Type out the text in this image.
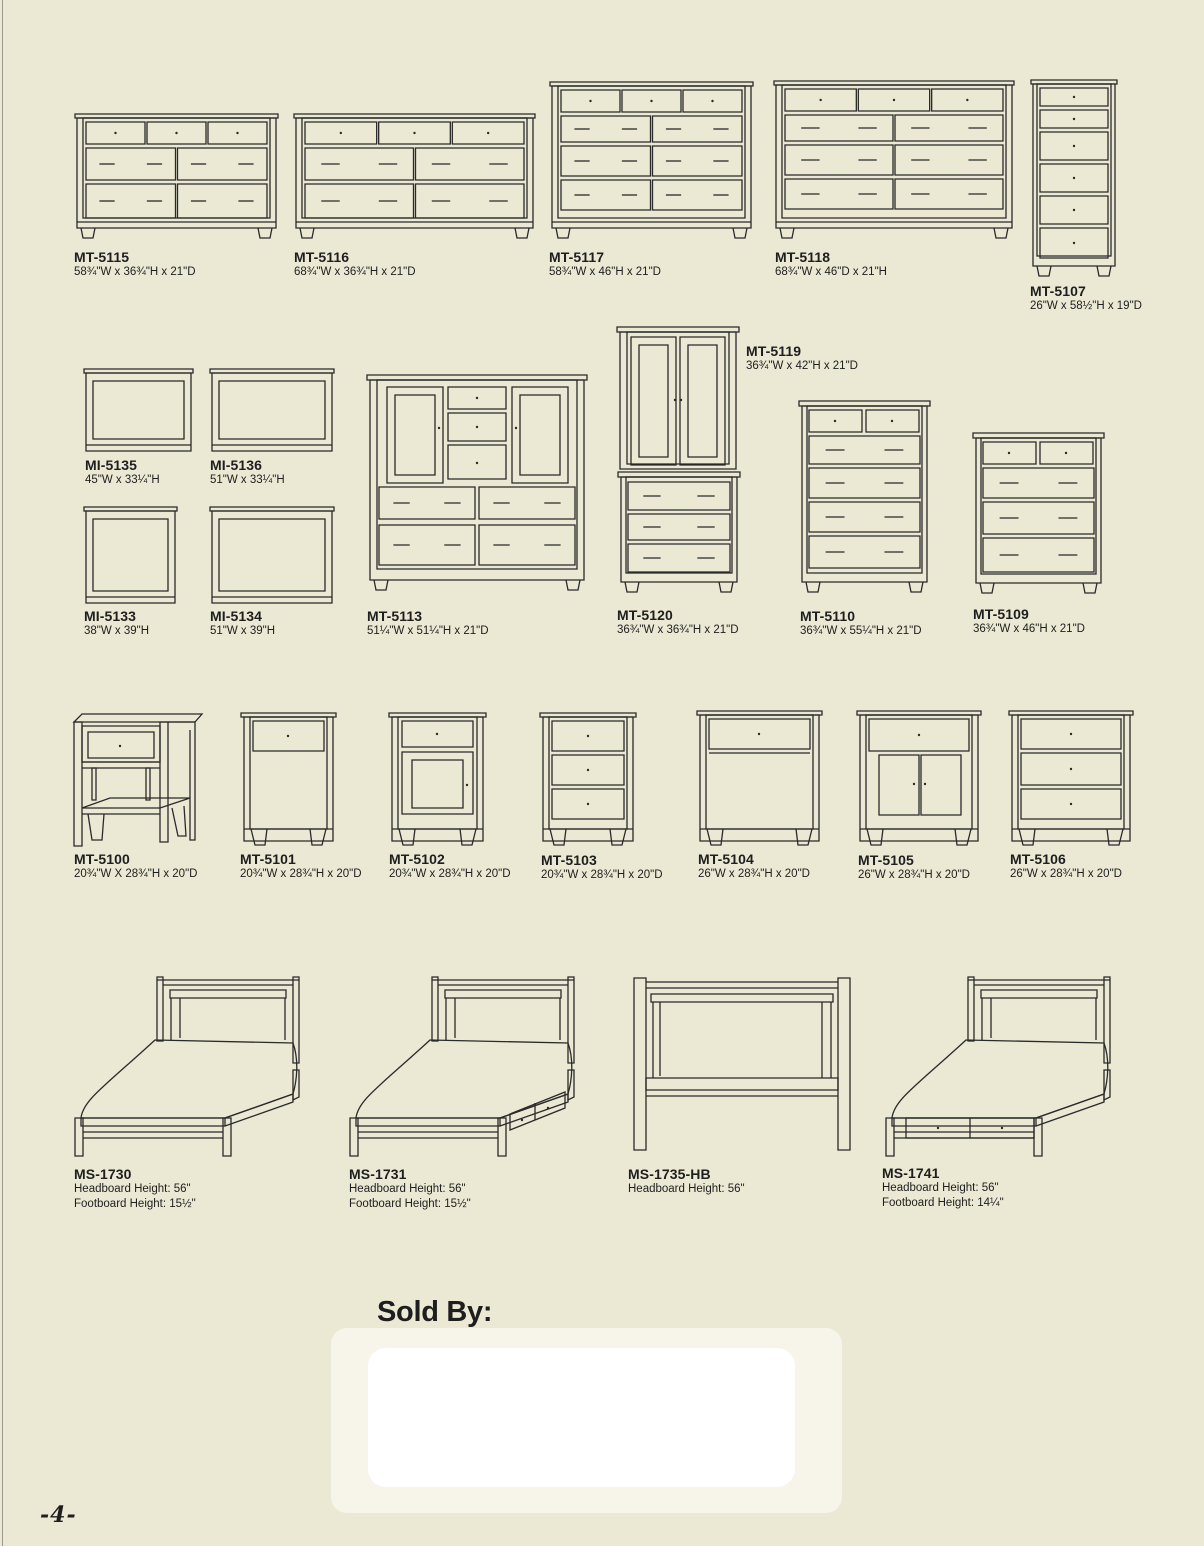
MT-5115
58¾"W x 36¾"H x 21"D
MT-5116
68¾"W x 36¾"H x 21"D
MT-5117
58¾"W x 46"H x 21"D
MT-5118
68¾"W x 46"D x 21"H
MT-5107
26"W x 58½"H x 19"D
MI-5135
45"W x 33¼"H
MI-5136
51"W x 33¼"H
MI-5133
38"W x 39"H
MI-5134
51"W x 39"H
MT-5113
51¼"W x 51¼"H x 21"D
MT-5119
36¾"W x 42"H x 21"D
MT-5120
36¾"W x 36¾"H x 21"D
MT-5110
36¾"W x 55¼"H x 21"D
MT-5109
36¾"W x 46"H x 21"D
MT-5100
20¾"W X 28¾"H x 20"D
MT-5101
20¾"W x 28¾"H x 20"D
MT-5102
20¾"W x 28¾"H x 20"D
MT-5103
20¾"W x 28¾"H x 20"D
MT-5104
26"W x 28¾"H x 20"D
MT-5105
26"W x 28¾"H x 20"D
MT-5106
26"W x 28¾"H x 20"D
MS-1730
Headboard Height: 56"
Footboard Height: 15½"
MS-1731
Headboard Height: 56"
Footboard Height: 15½"
MS-1735-HB
Headboard Height: 56"
MS-1741
Headboard Height: 56"
Footboard Height: 14¼"
Sold By:
-4-
